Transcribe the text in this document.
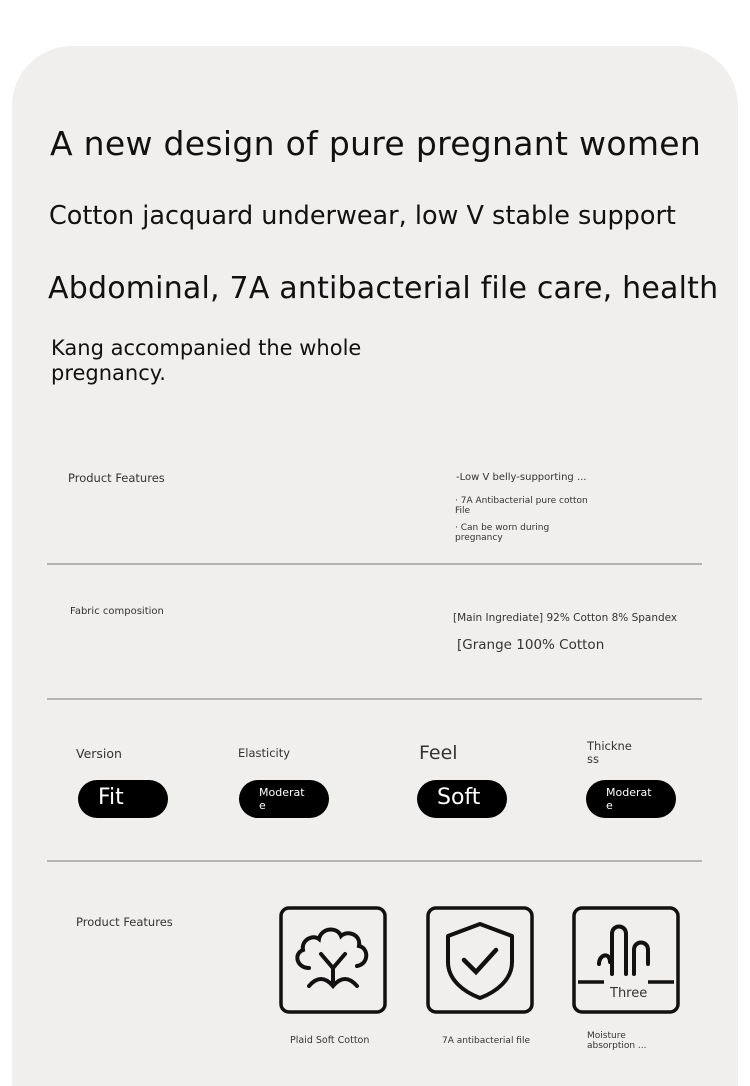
A new design of pure pregnant women
Cotton jacquard underwear, low V stable support
Abdominal, 7A antibacterial file care, health
Kang accompanied the whole pregnancy.
Product Features	-Low V belly-supporting ...
· 7A Antibacterial pure cotton File
· Can be worn during pregnancy
Fabric composition
[Main Ingrediate] 92% Cotton 8% Spandex
[Grange 100% Cotton
Version	Elasticity	Feel	Thickness
Fit	Moderate	Soft	Moderate
Product Features
Three
Plaid Soft Cotton	7A antibacterial file	Moisture absorption ...
